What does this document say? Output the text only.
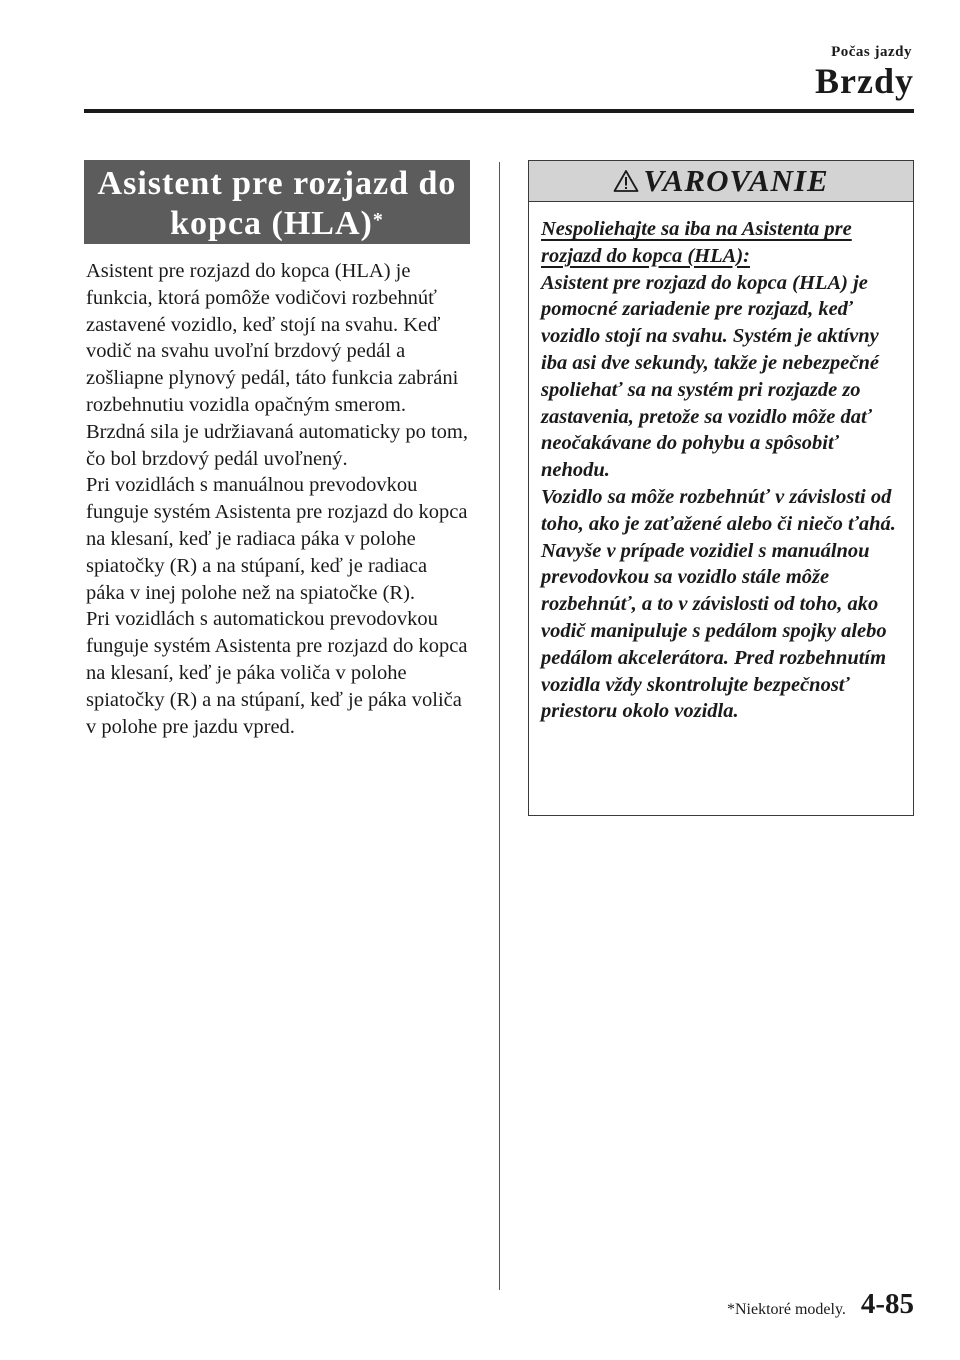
Počas jazdy
Brzdy
Asistent pre rozjazd do
kopca (HLA)*

Asistent pre rozjazd do kopca (HLA) je funkcia, ktorá pomôže vodičovi rozbehnúť zastavené vozidlo, keď stojí na svahu. Keď vodič na svahu uvoľní brzdový pedál a zošliapne plynový pedál, táto funkcia zabráni rozbehnutiu vozidla opačným smerom. Brzdná sila je udržiavaná automaticky po tom, čo bol brzdový pedál uvoľnený.

Pri vozidlách s manuálnou prevodovkou funguje systém Asistenta pre rozjazd do kopca na klesaní, keď je radiaca páka v polohe spiatočky (R) a na stúpaní, keď je radiaca páka v inej polohe než na spiatočke (R).

Pri vozidlách s automatickou prevodovkou funguje systém Asistenta pre rozjazd do kopca na klesaní, keď je páka voliča v polohe spiatočky (R) a na stúpaní, keď je páka voliča v polohe pre jazdu vpred.

VAROVANIE
Nespoliehajte sa iba na Asistenta pre rozjazd do kopca (HLA):

Asistent pre rozjazd do kopca (HLA) je pomocné zariadenie pre rozjazd, keď vozidlo stojí na svahu. Systém je aktívny iba asi dve sekundy, takže je nebezpečné spoliehať sa na systém pri rozjazde zo zastavenia, pretože sa vozidlo môže dať neočakávane do pohybu a spôsobiť nehodu.

Vozidlo sa môže rozbehnúť v závislosti od toho, ako je zaťažené alebo či niečo ťahá. Navyše v prípade vozidiel s manuálnou prevodovkou sa vozidlo stále môže rozbehnúť, a to v závislosti od toho, ako vodič manipuluje s pedálom spojky alebo pedálom akcelerátora. Pred rozbehnutím vozidla vždy skontrolujte bezpečnosť priestoru okolo vozidla.

*Niektoré modely. 4-85
